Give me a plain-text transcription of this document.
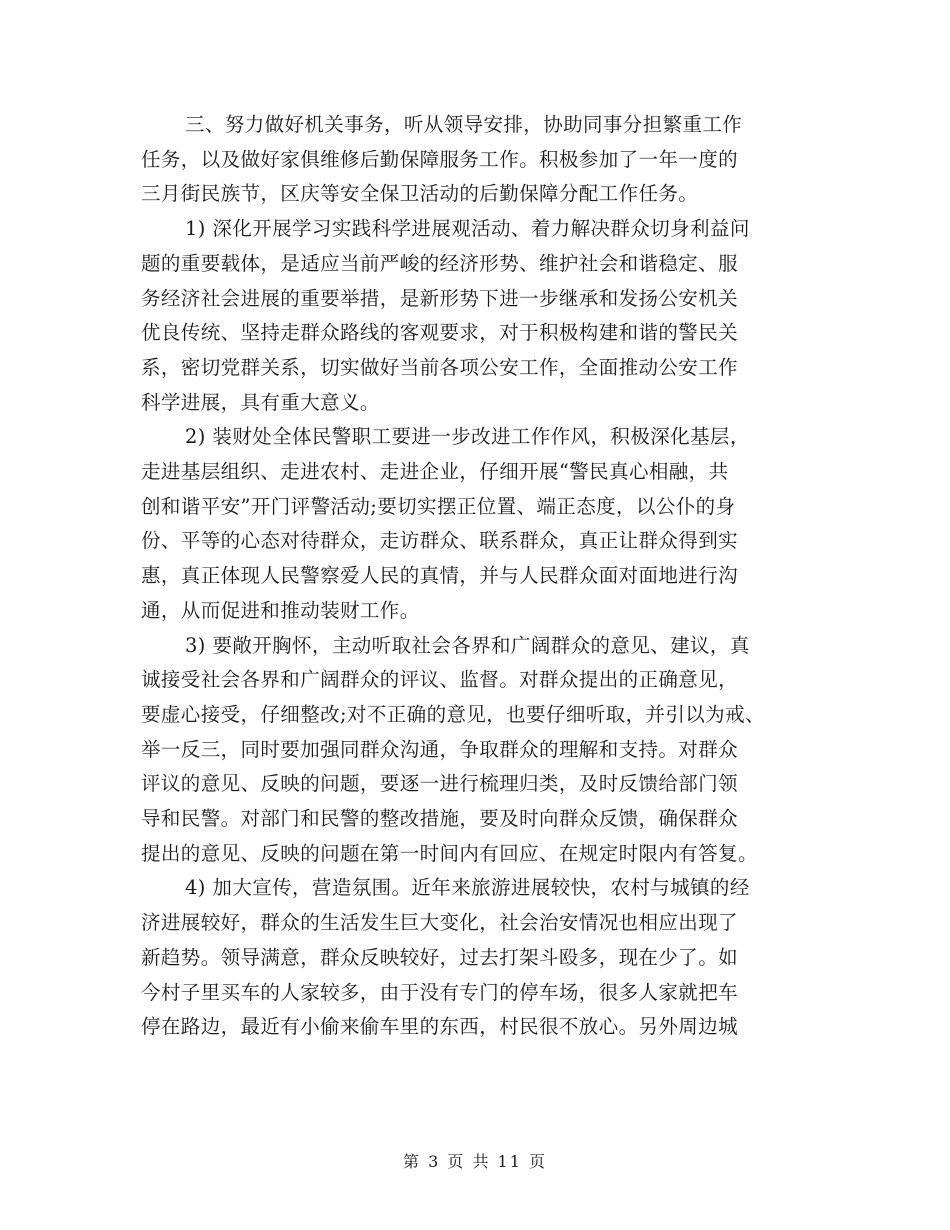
三、努力做好机关事务，听从领导安排，协助同事分担繁重工作
任务，以及做好家俱维修后勤保障服务工作。积极参加了一年一度的
三月街民族节，区庆等安全保卫活动的后勤保障分配工作任务。
1) 深化开展学习实践科学进展观活动、着力解决群众切身利益问
题的重要载体，是适应当前严峻的经济形势、维护社会和谐稳定、服
务经济社会进展的重要举措，是新形势下进一步继承和发扬公安机关
优良传统、坚持走群众路线的客观要求，对于积极构建和谐的警民关
系，密切党群关系，切实做好当前各项公安工作，全面推动公安工作
科学进展，具有重大意义。
2) 装财处全体民警职工要进一步改进工作作风，积极深化基层，
走进基层组织、走进农村、走进企业，仔细开展“警民真心相融，共
创和谐平安”开门评警活动;要切实摆正位置、端正态度，以公仆的身
份、平等的心态对待群众，走访群众、联系群众，真正让群众得到实
惠，真正体现人民警察爱人民的真情，并与人民群众面对面地进行沟
通，从而促进和推动装财工作。
3) 要敞开胸怀，主动听取社会各界和广阔群众的意见、建议，真
诚接受社会各界和广阔群众的评议、监督。对群众提出的正确意见，
要虚心接受，仔细整改;对不正确的意见，也要仔细听取，并引以为戒、
举一反三，同时要加强同群众沟通，争取群众的理解和支持。对群众
评议的意见、反映的问题，要逐一进行梳理归类，及时反馈给部门领
导和民警。对部门和民警的整改措施，要及时向群众反馈，确保群众
提出的意见、反映的问题在第一时间内有回应、在规定时限内有答复。
4) 加大宣传，营造氛围。近年来旅游进展较快，农村与城镇的经
济进展较好，群众的生活发生巨大变化，社会治安情况也相应出现了
新趋势。领导满意，群众反映较好，过去打架斗殴多，现在少了。如
今村子里买车的人家较多，由于没有专门的停车场，很多人家就把车
停在路边，最近有小偷来偷车里的东西，村民很不放心。另外周边城
第 3 页 共 11 页
